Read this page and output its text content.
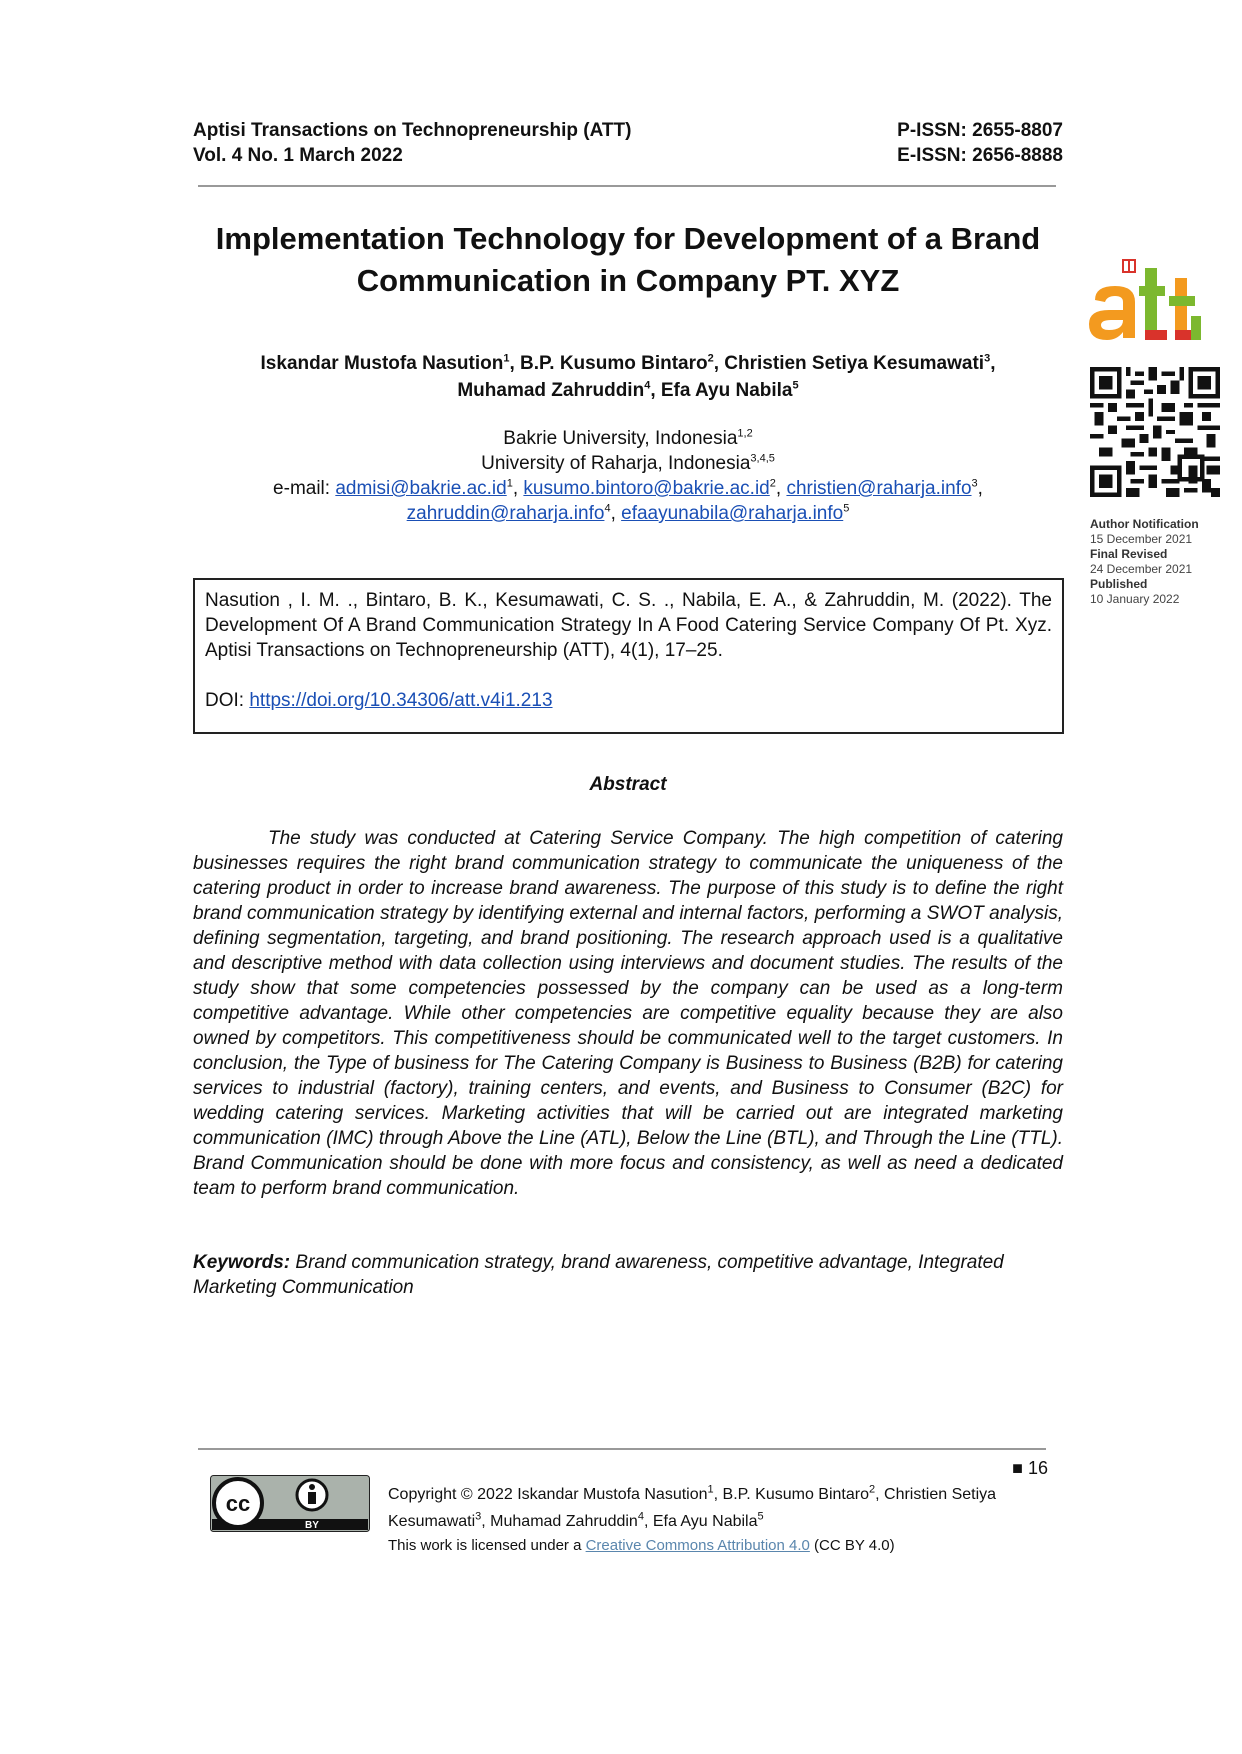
Aptisi Transactions on Technopreneurship (ATT)
Vol. 4 No. 1 March 2022
P-ISSN: 2655-8807
E-ISSN: 2656-8888
Implementation Technology for Development of a Brand Communication in Company PT. XYZ
Iskandar Mustofa Nasution$^1$, B.P. Kusumo Bintaro$^2$, Christien Setiya Kesumawati$^3$,
Muhamad Zahruddin$^4$, Efa Ayu Nabila$^5$
Bakrie University, Indonesia$^{1,2}$
University of Raharja, Indonesia$^{3,4,5}$
e-mail: $admisi@bakrie.ac.id^1$, $kusumo.bintoro@bakrie.ac.id^2$, christien@raharja.info$^3$,
zahruddin@raharja.info$^4$, efaayunabila@raharja.info$^5$
Nasution , I. M. ., Bintaro, B. K., Kesumawati, C. S. ., Nabila, E. A., & Zahruddin, M. (2022). The Development Of A Brand Communication Strategy In A Food Catering Service Company Of Pt. Xyz. Aptisi Transactions on Technopreneurship (ATT), 4(1), 17–25.
DOI: https://doi.org/10.34306/att.v4i1.213
Abstract
The study was conducted at Catering Service Company. The high competition of catering businesses requires the right brand communication strategy to communicate the uniqueness of the catering product in order to increase brand awareness. The purpose of this study is to define the right brand communication strategy by identifying external and internal factors, performing a SWOT analysis, defining segmentation, targeting, and brand positioning. The research approach used is a qualitative and descriptive method with data collection using interviews and document studies. The results of the study show that some competencies possessed by the company can be used as a long-term competitive advantage. While other competencies are competitive equality because they are also owned by competitors. This competitiveness should be communicated well to the target customers. In conclusion, the Type of business for The Catering Company is Business to Business (B2B) for catering services to industrial (factory), training centers, and events, and Business to Consumer (B2C) for wedding catering services. Marketing activities that will be carried out are integrated marketing communication (IMC) through Above the Line (ATL), Below the Line (BTL), and Through the Line (TTL). Brand Communication should be done with more focus and consistency, as well as need a dedicated team to perform brand communication.
Keywords: Brand communication strategy, brand awareness, competitive advantage, Integrated Marketing Communication
Author Notification
15 December 2021
Final Revised
24 December 2021
Published
10 January 2022
■ 16
cc
BY
Copyright © 2022 Iskandar Mustofa Nasution$^1$, B.P. Kusumo Bintaro$^2$, Christien Setiya Kesumawati$^3$, Muhamad Zahruddin$^4$, Efa Ayu Nabila$^5$
This work is licensed under a Creative Commons Attribution 4.0 (CC BY 4.0)
